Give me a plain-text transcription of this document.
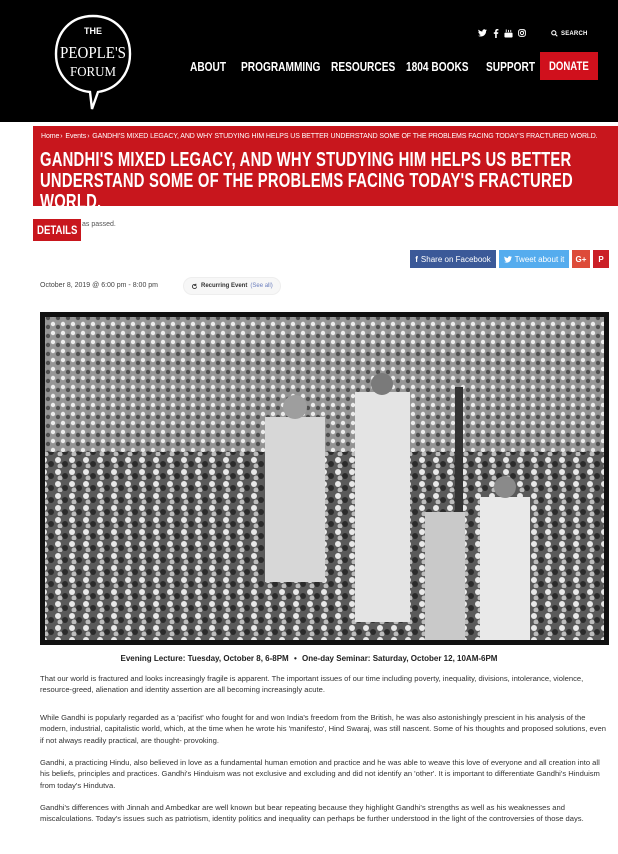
THE
PEOPLE'S
FORUM
SEARCH
ABOUT PROGRAMMING RESOURCES 1804 BOOKS SUPPORT DONATE
Home› Events› GANDHI'S MIXED LEGACY, AND WHY STUDYING HIM HELPS US BETTER UNDERSTAND SOME OF THE PROBLEMS FACING TODAY'S FRACTURED WORLD.
GANDHI'S MIXED LEGACY, AND WHY STUDYING HIM HELPS US BETTER UNDERSTAND SOME OF THE PROBLEMS FACING TODAY'S FRACTURED WORLD.
DETAILS as passed.
f Share on Facebook	Tweet about it G+ P
October 8, 2019 @ 6:00 pm - 8:00 pm	Recurring Event (See all)
Evening Lecture: Tuesday, October 8, 6-8PM • One-day Seminar: Saturday, October 12, 10AM-6PM

That our world is fractured and looks increasingly fragile is apparent. The important issues of our time including poverty, inequality, divisions, intolerance, violence, resource-greed, alienation and identity assertion are all becoming increasingly acute.

While Gandhi is popularly regarded as a 'pacifist' who fought for and won India's freedom from the British, he was also astonishingly prescient in his analysis of the modern, industrial, capitalistic world, which, at the time when he wrote his 'manifesto', Hind Swaraj, was still nascent. Some of his thoughts and proposed solutions, even if not always readily practical, are thought- provoking.

Gandhi, a practicing Hindu, also believed in love as a fundamental human emotion and practice and he was able to weave this love of everyone and all creation into all his beliefs, principles and practices. Gandhi's Hinduism was not exclusive and excluding and did not identify an 'other'. It is important to differentiate Gandhi's Hinduism from today's Hindutva.

Gandhi's differences with Jinnah and Ambedkar are well known but bear repeating because they highlight Gandhi's strengths as well as his weaknesses and miscalculations. Today's issues such as patriotism, identity politics and inequality can perhaps be further understood in the light of the controversies of those days.
